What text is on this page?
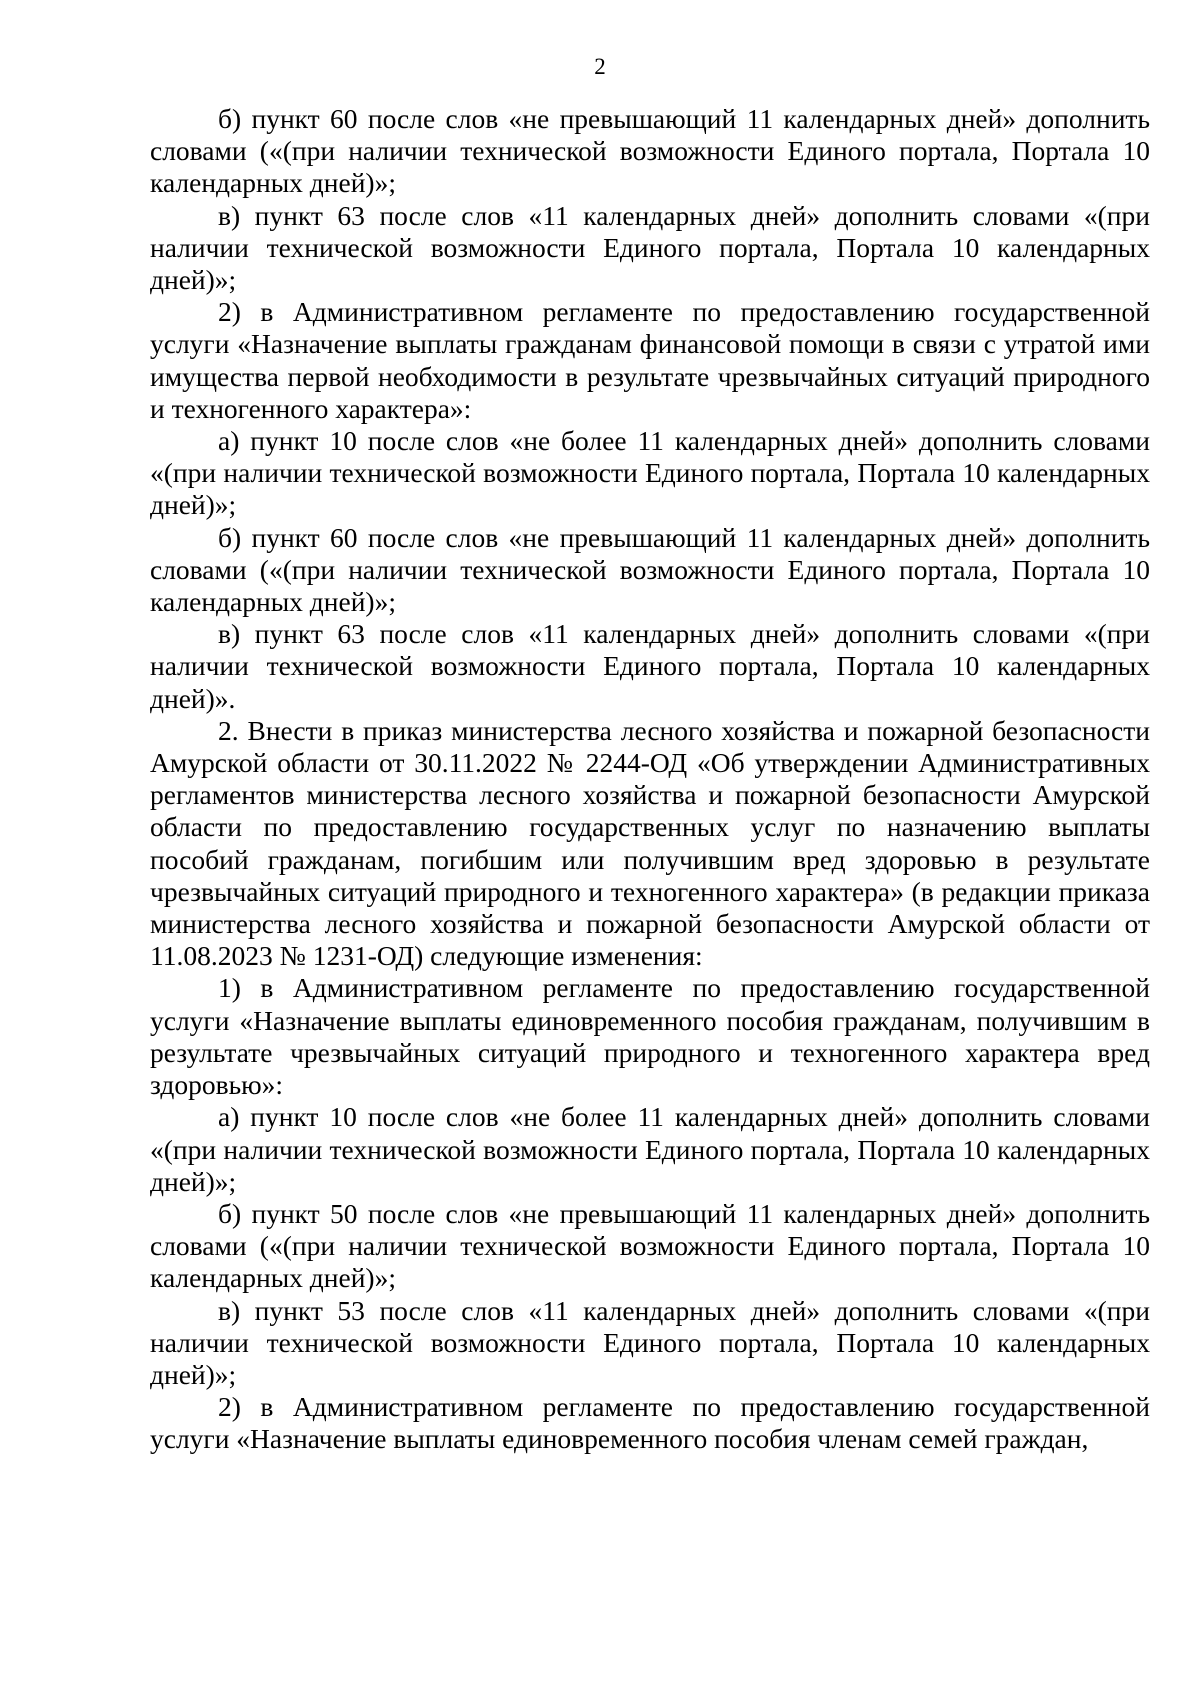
2

б) пункт 60 после слов «не превышающий 11 календарных дней» дополнить словами («(при наличии технической возможности Единого портала, Портала 10 календарных дней)»;

в) пункт 63 после слов «11 календарных дней» дополнить словами «(при наличии технической возможности Единого портала, Портала 10 календарных дней)»;

2) в Административном регламенте по предоставлению государственной услуги «Назначение выплаты гражданам финансовой помощи в связи с утратой ими имущества первой необходимости в результате чрезвычайных ситуаций природного и техногенного характера»:

а) пункт 10 после слов «не более 11 календарных дней» дополнить словами «(при наличии технической возможности Единого портала, Портала 10 календарных дней)»;

б) пункт 60 после слов «не превышающий 11 календарных дней» дополнить словами («(при наличии технической возможности Единого портала, Портала 10 календарных дней)»;

в) пункт 63 после слов «11 календарных дней» дополнить словами «(при наличии технической возможности Единого портала, Портала 10 календарных дней)».

2. Внести в приказ министерства лесного хозяйства и пожарной безопасности Амурской области от 30.11.2022 № 2244-ОД «Об утверждении Административных регламентов министерства лесного хозяйства и пожарной безопасности Амурской области по предоставлению государственных услуг по назначению выплаты пособий гражданам, погибшим или получившим вред здоровью в результате чрезвычайных ситуаций природного и техногенного характера» (в редакции приказа министерства лесного хозяйства и пожарной безопасности Амурской области от 11.08.2023 № 1231-ОД) следующие изменения:

1) в Административном регламенте по предоставлению государственной услуги «Назначение выплаты единовременного пособия гражданам, получившим в результате чрезвычайных ситуаций природного и техногенного характера вред здоровью»:

а) пункт 10 после слов «не более 11 календарных дней» дополнить словами «(при наличии технической возможности Единого портала, Портала 10 календарных дней)»;

б) пункт 50 после слов «не превышающий 11 календарных дней» дополнить словами («(при наличии технической возможности Единого портала, Портала 10 календарных дней)»;

в) пункт 53 после слов «11 календарных дней» дополнить словами «(при наличии технической возможности Единого портала, Портала 10 календарных дней)»;

2) в Административном регламенте по предоставлению государственной услуги «Назначение выплаты единовременного пособия членам семей граждан,
